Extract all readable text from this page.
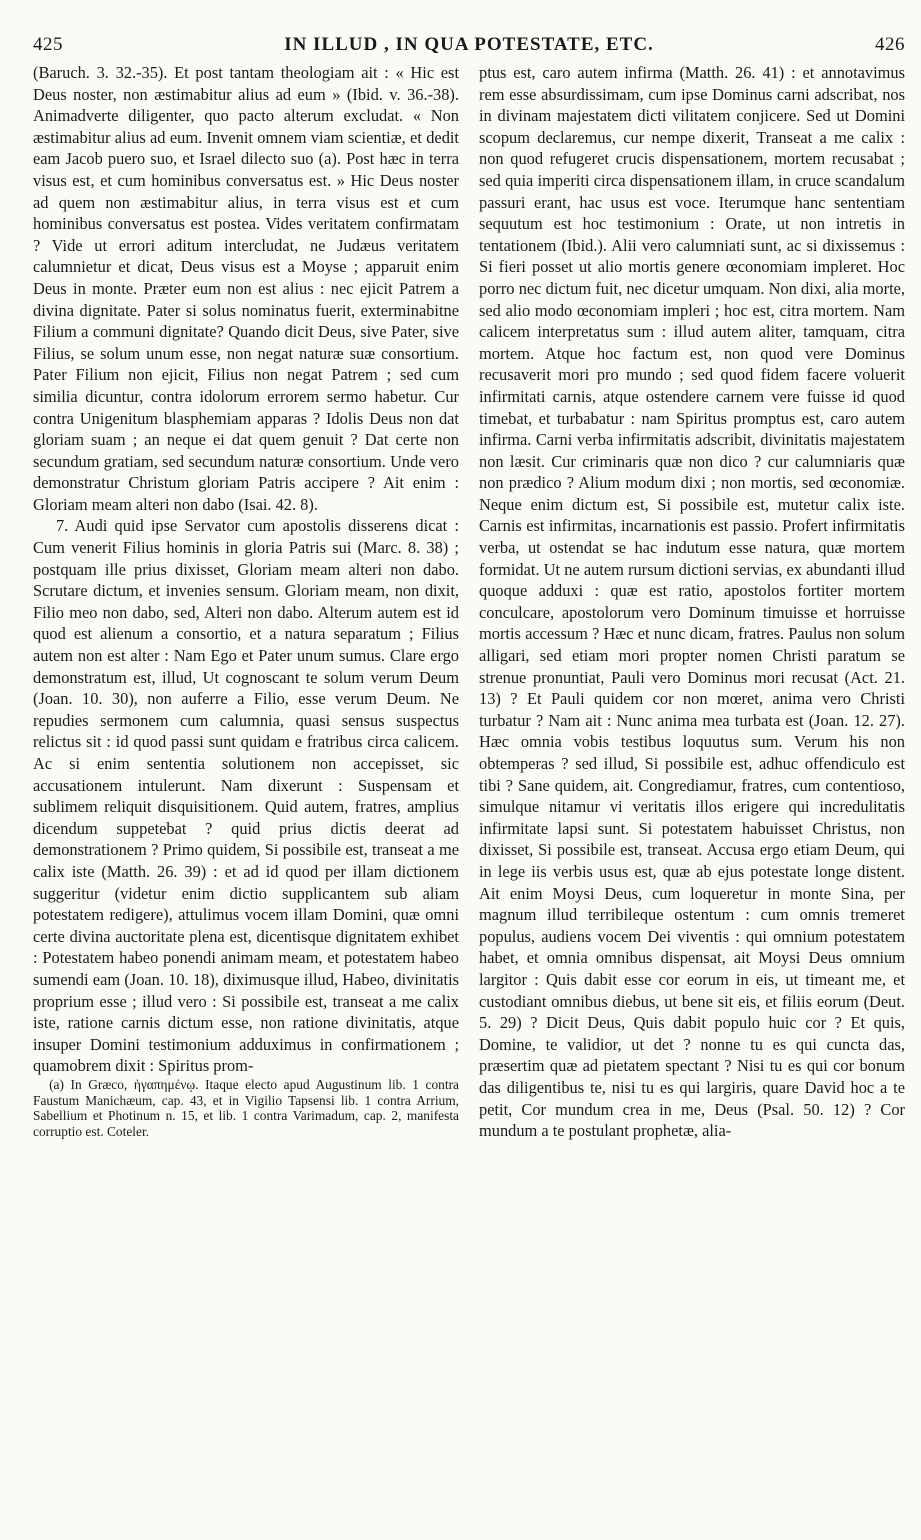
425	IN ILLUD , IN QUA POTESTATE, ETC.	426

(Baruch. 3. 32.-35). Et post tantam theologiam ait : « Hic est Deus noster, non æstimabitur alius ad eum » (Ibid. v. 36.-38). Animadverte diligenter, quo pacto alterum excludat. « Non æstimabitur alius ad eum. Invenit omnem viam scientiæ, et dedit eam Jacob puero suo, et Israel dilecto suo (a). Post hæc in terra visus est, et cum hominibus conversatus est. » Hic Deus noster ad quem non æstimabitur alius, in terra visus est et cum hominibus conversatus est postea. Vides veritatem confirmatam ? Vide ut errori aditum intercludat, ne Judæus veritatem calumnietur et dicat, Deus visus est a Moyse ; apparuit enim Deus in monte. Præter eum non est alius : nec ejicit Patrem a divina dignitate. Pater si solus nominatus fuerit, exterminabitne Filium a communi dignitate? Quando dicit Deus, sive Pater, sive Filius, se solum unum esse, non negat naturæ suæ consortium. Pater Filium non ejicit, Filius non negat Patrem ; sed cum similia dicuntur, contra idolorum errorem sermo habetur. Cur contra Unigenitum blasphemiam apparas ? Idolis Deus non dat gloriam suam ; an neque ei dat quem genuit ? Dat certe non secundum gratiam, sed secundum naturæ consortium. Unde vero demonstratur Christum gloriam Patris accipere ? Ait enim : Gloriam meam alteri non dabo (Isai. 42. 8).

7. Audi quid ipse Servator cum apostolis disserens dicat : Cum venerit Filius hominis in gloria Patris sui (Marc. 8. 38) ; postquam ille prius dixisset, Gloriam meam alteri non dabo. Scrutare dictum, et invenies sensum. Gloriam meam, non dixit, Filio meo non dabo, sed, Alteri non dabo. Alterum autem est id quod est alienum a consortio, et a natura separatum ; Filius autem non est alter : Nam Ego et Pater unum sumus. Clare ergo demonstratum est, illud, Ut cognoscant te solum verum Deum (Joan. 10. 30), non auferre a Filio, esse verum Deum. Ne repudies sermonem cum calumnia, quasi sensus suspectus relictus sit : id quod passi sunt quidam e fratribus circa calicem. Ac si enim sententia solutionem non accepisset, sic accusationem intulerunt. Nam dixerunt : Suspensam et sublimem reliquit disquisitionem. Quid autem, fratres, amplius dicendum suppetebat ? quid prius dictis deerat ad demonstrationem ? Primo quidem, Si possibile est, transeat a me calix iste (Matth. 26. 39) : et ad id quod per illam dictionem suggeritur (videtur enim dictio supplicantem sub aliam potestatem redigere), attulimus vocem illam Domini, quæ omni certe divina auctoritate plena est, dicentisque dignitatem exhibet : Potestatem habeo ponendi animam meam, et potestatem habeo sumendi eam (Joan. 10. 18), diximusque illud, Habeo, divinitatis proprium esse ; illud vero : Si possibile est, transeat a me calix iste, ratione carnis dictum esse, non ratione divinitatis, atque insuper Domini testimonium adduximus in confirmationem ; quamobrem dixit : Spiritus prom-

(a) In Græco, ἠγαπημένῳ. Itaque electo apud Augustinum lib. 1 contra Faustum Manichæum, cap. 43, et in Vigilio Tapsensi lib. 1 contra Arrium, Sabellium et Photinum n. 15, et lib. 1 contra Varimadum, cap. 2, manifesta corruptio est. Coteler.

ptus est, caro autem infirma (Matth. 26. 41) : et annotavimus rem esse absurdissimam, cum ipse Dominus carni adscribat, nos in divinam majestatem dicti vilitatem conjicere. Sed ut Domini scopum declaremus, cur nempe dixerit, Transeat a me calix : non quod refugeret crucis dispensationem, mortem recusabat ; sed quia imperiti circa dispensationem illam, in cruce scandalum passuri erant, hac usus est voce. Iterumque hanc sententiam sequutum est hoc testimonium : Orate, ut non intretis in tentationem (Ibid.). Alii vero calumniati sunt, ac si dixissemus : Si fieri posset ut alio mortis genere œconomiam impleret. Hoc porro nec dictum fuit, nec dicetur umquam. Non dixi, alia morte, sed alio modo œconomiam impleri ; hoc est, citra mortem. Nam calicem interpretatus sum : illud autem aliter, tamquam, citra mortem. Atque hoc factum est, non quod vere Dominus recusaverit mori pro mundo ; sed quod fidem facere voluerit infirmitati carnis, atque ostendere carnem vere fuisse id quod timebat, et turbabatur : nam Spiritus promptus est, caro autem infirma. Carni verba infirmitatis adscribit, divinitatis majestatem non læsit. Cur criminaris quæ non dico ? cur calumniaris quæ non prædico ? Alium modum dixi ; non mortis, sed œconomiæ. Neque enim dictum est, Si possibile est, mutetur calix iste. Carnis est infirmitas, incarnationis est passio. Profert infirmitatis verba, ut ostendat se hac indutum esse natura, quæ mortem formidat. Ut ne autem rursum dictioni servias, ex abundanti illud quoque adduxi : quæ est ratio, apostolos fortiter mortem conculcare, apostolorum vero Dominum timuisse et horruisse mortis accessum ? Hæc et nunc dicam, fratres. Paulus non solum alligari, sed etiam mori propter nomen Christi paratum se strenue pronuntiat, Pauli vero Dominus mori recusat (Act. 21. 13) ? Et Pauli quidem cor non mœret, anima vero Christi turbatur ? Nam ait : Nunc anima mea turbata est (Joan. 12. 27). Hæc omnia vobis testibus loquutus sum. Verum his non obtemperas ? sed illud, Si possibile est, adhuc offendiculo est tibi ? Sane quidem, ait. Congrediamur, fratres, cum contentioso, simulque nitamur vi veritatis illos erigere qui incredulitatis infirmitate lapsi sunt. Si potestatem habuisset Christus, non dixisset, Si possibile est, transeat. Accusa ergo etiam Deum, qui in lege iis verbis usus est, quæ ab ejus potestate longe distent. Ait enim Moysi Deus, cum loqueretur in monte Sina, per magnum illud terribileque ostentum : cum omnis tremeret populus, audiens vocem Dei viventis : qui omnium potestatem habet, et omnia omnibus dispensat, ait Moysi Deus omnium largitor : Quis dabit esse cor eorum in eis, ut timeant me, et custodiant omnibus diebus, ut bene sit eis, et filiis eorum (Deut. 5. 29) ? Dicit Deus, Quis dabit populo huic cor ? Et quis, Domine, te validior, ut det ? nonne tu es qui cuncta das, præsertim quæ ad pietatem spectant ? Nisi tu es qui cor bonum das diligentibus te, nisi tu es qui largiris, quare David hoc a te petit, Cor mundum crea in me, Deus (Psal. 50. 12) ? Cor mundum a te postulant prophetæ, alia-
